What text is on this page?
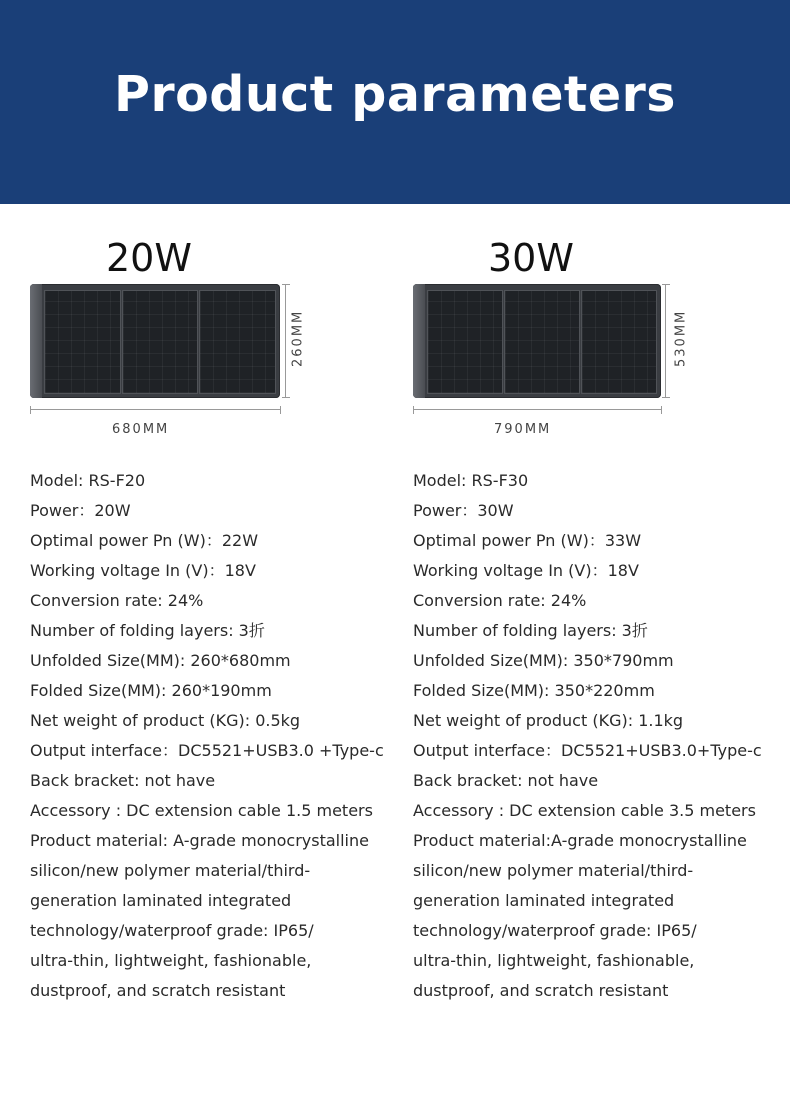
Product parameters
20W
260MM
680MM
Model: RS-F20
Power：20W
Optimal power Pn (W)：22W
Working voltage In (V)：18V
Conversion rate: 24%
Number of folding layers: 3折
Unfolded Size(MM): 260*680mm
Folded Size(MM): 260*190mm
Net weight of product (KG): 0.5kg
Output interface：DC5521+USB3.0 +Type-c
Back bracket: not have
Accessory : DC extension cable 1.5 meters
Product material: A-grade monocrystalline
silicon/new polymer material/third-
generation laminated integrated
technology/waterproof grade: IP65/
ultra-thin, lightweight, fashionable,
dustproof, and scratch resistant
30W
530MM
790MM
Model: RS-F30
Power：30W
Optimal power Pn (W)：33W
Working voltage In (V)：18V
Conversion rate: 24%
Number of folding layers: 3折
Unfolded Size(MM): 350*790mm
Folded Size(MM): 350*220mm
Net weight of product (KG): 1.1kg
Output interface：DC5521+USB3.0+Type-c
Back bracket: not have
Accessory : DC extension cable 3.5 meters
Product material:A-grade monocrystalline
silicon/new polymer material/third-
generation laminated integrated
technology/waterproof grade: IP65/
ultra-thin, lightweight, fashionable,
dustproof, and scratch resistant
